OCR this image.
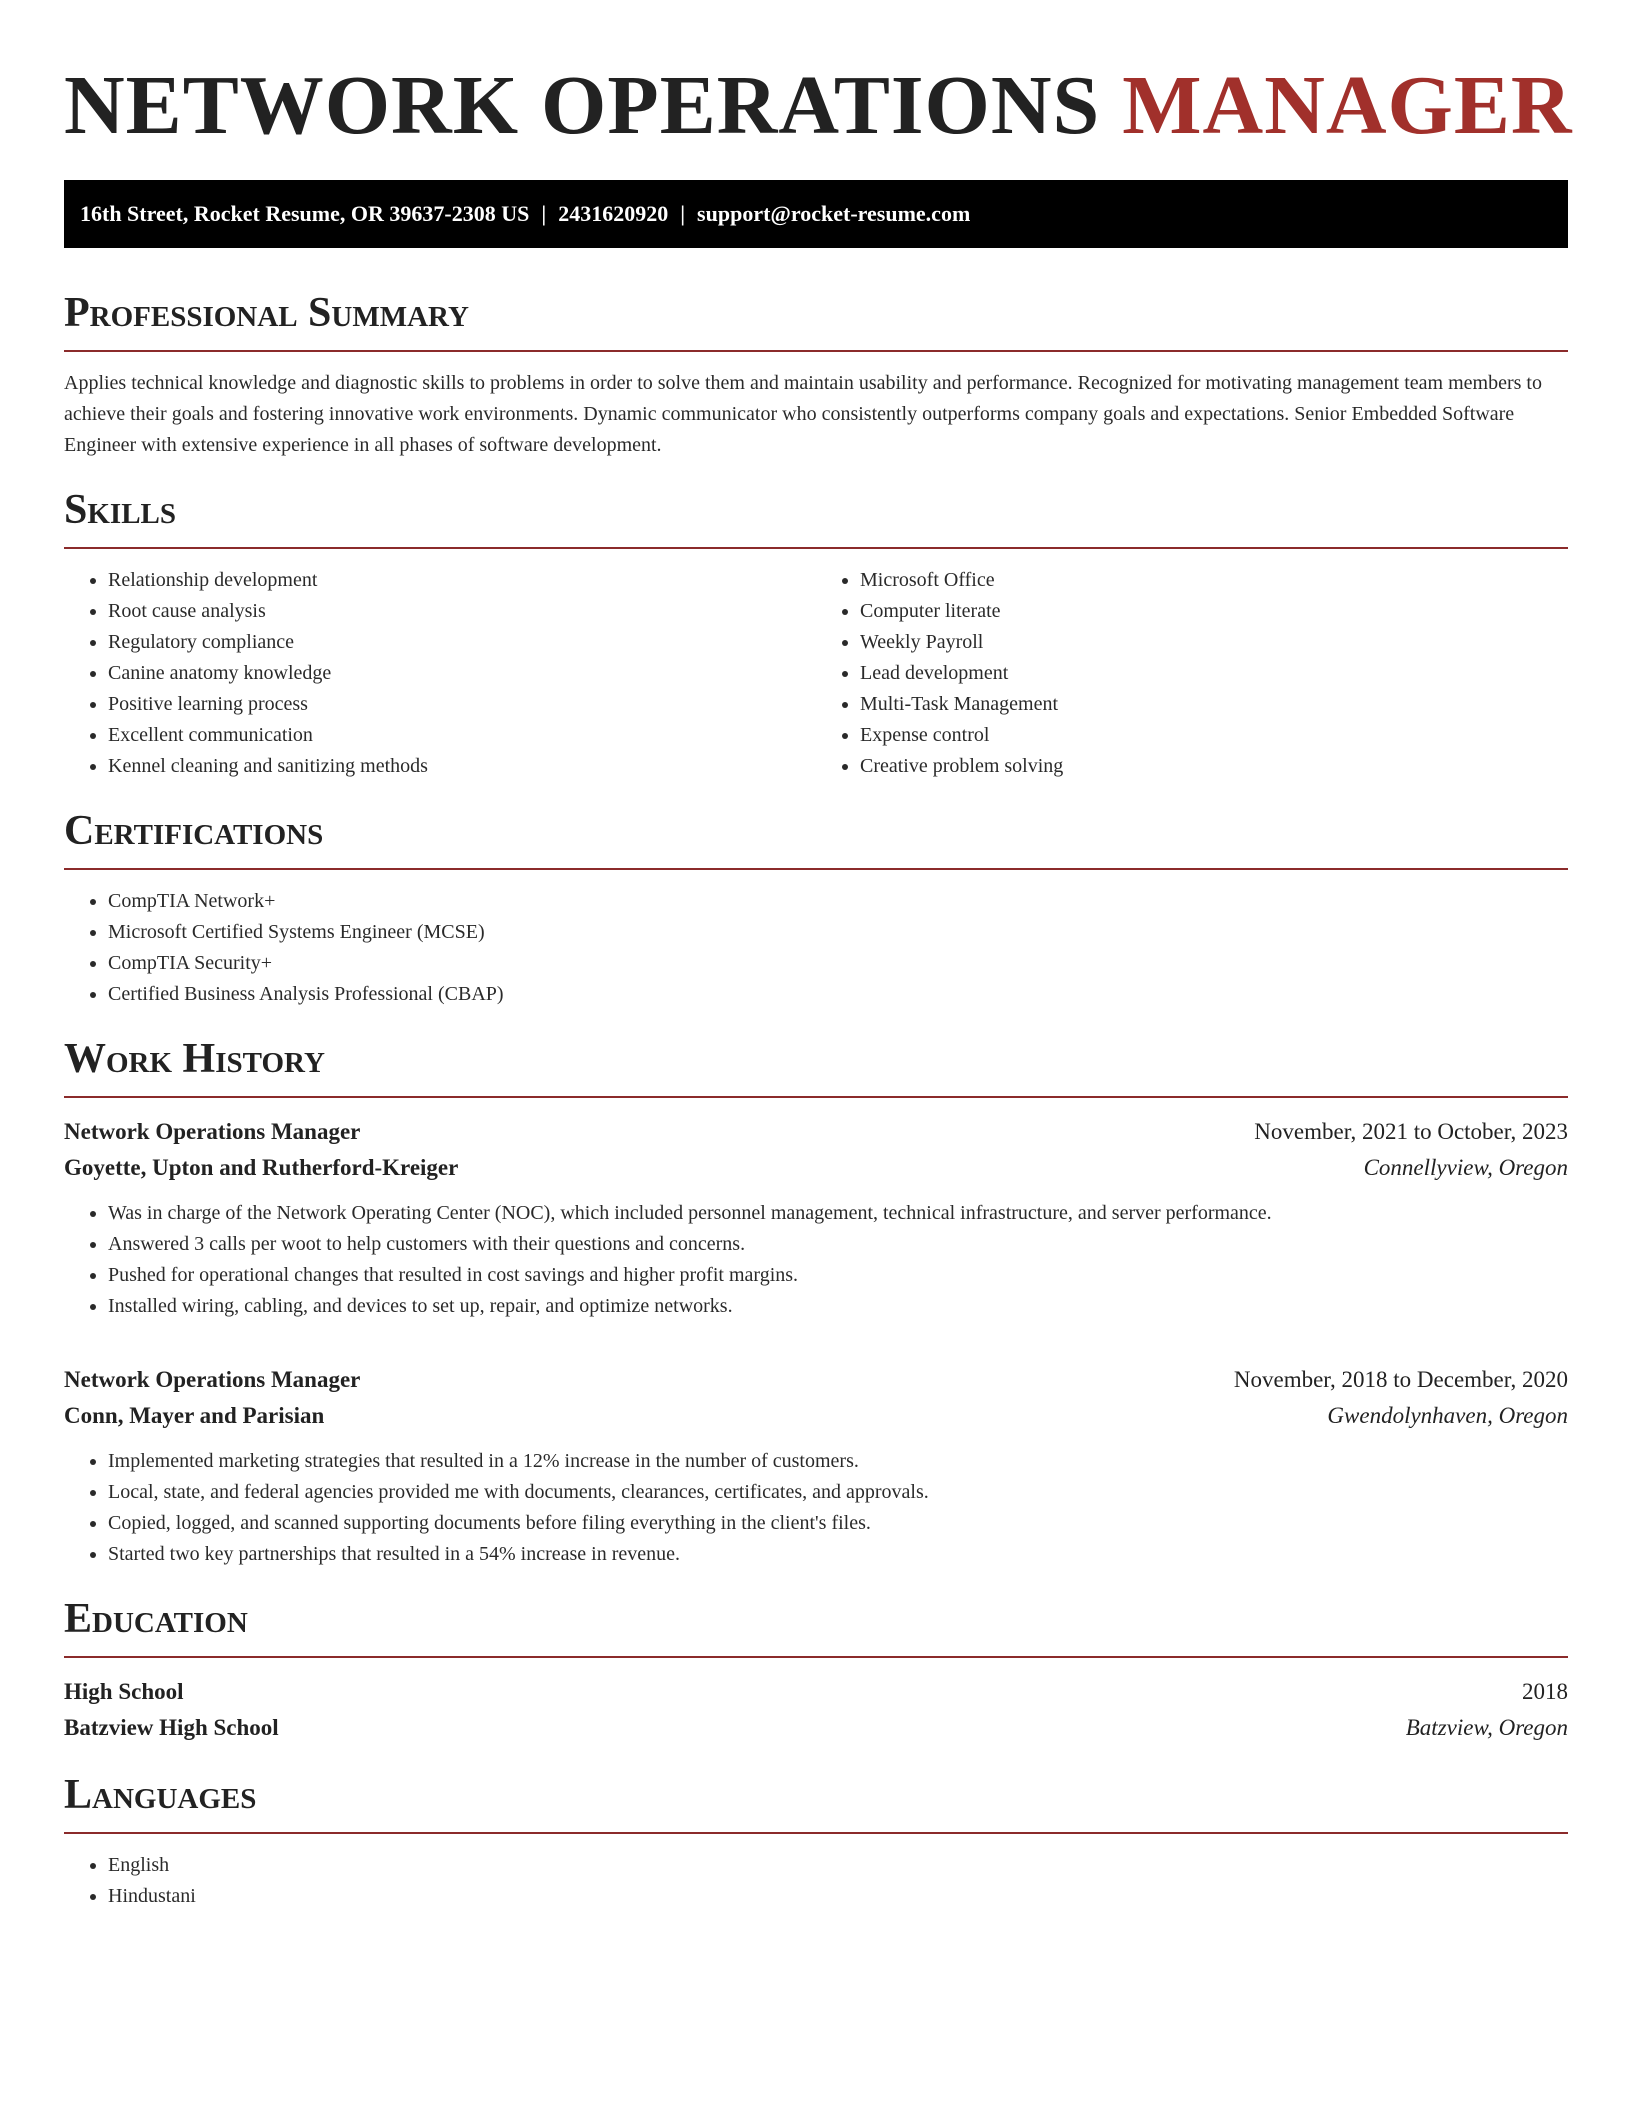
NETWORK OPERATIONS MANAGER
16th Street, Rocket Resume, OR 39637-2308 US | 2431620920 | support@rocket-resume.com
Professional Summary

Applies technical knowledge and diagnostic skills to problems in order to solve them and maintain usability and performance. Recognized for motivating management team members to achieve their goals and fostering innovative work environments. Dynamic communicator who consistently outperforms company goals and expectations. Senior Embedded Software Engineer with extensive experience in all phases of software development.

Skills
• Relationship development
• Root cause analysis
• Regulatory compliance
• Canine anatomy knowledge
• Positive learning process
• Excellent communication
• Kennel cleaning and sanitizing methods
• Microsoft Office
• Computer literate
• Weekly Payroll
• Lead development
• Multi-Task Management
• Expense control
• Creative problem solving
Certifications
• CompTIA Network+
• Microsoft Certified Systems Engineer (MCSE)
• CompTIA Security+
• Certified Business Analysis Professional (CBAP)
Work History
Network Operations Manager	November, 2021 to October, 2023
Goyette, Upton and Rutherford-Kreiger	Connellyview, Oregon
• Was in charge of the Network Operating Center (NOC), which included personnel management, technical infrastructure, and server performance.
• Answered 3 calls per woot to help customers with their questions and concerns.
• Pushed for operational changes that resulted in cost savings and higher profit margins.
• Installed wiring, cabling, and devices to set up, repair, and optimize networks.
Network Operations Manager	November, 2018 to December, 2020
Conn, Mayer and Parisian	Gwendolynhaven, Oregon
• Implemented marketing strategies that resulted in a 12% increase in the number of customers.
• Local, state, and federal agencies provided me with documents, clearances, certificates, and approvals.
• Copied, logged, and scanned supporting documents before filing everything in the client's files.
• Started two key partnerships that resulted in a 54% increase in revenue.
Education
High School	2018
Batzview High School	Batzview, Oregon
Languages
• English
• Hindustani
